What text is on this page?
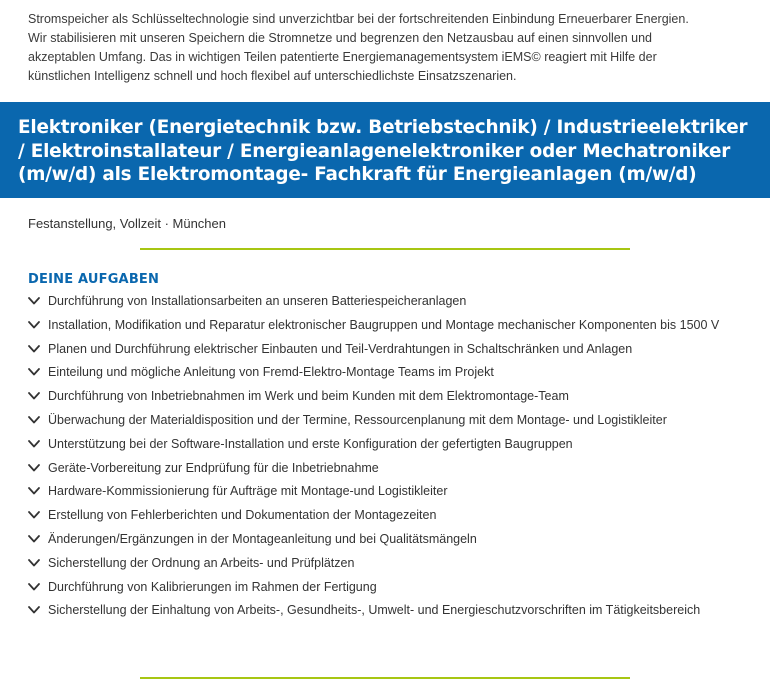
Stromspeicher als Schlüsseltechnologie sind unverzichtbar bei der fortschreitenden Einbindung Erneuerbarer Energien.

Wir stabilisieren mit unseren Speichern die Stromnetze und begrenzen den Netzausbau auf einen sinnvollen und

akzeptablen Umfang. Das in wichtigen Teilen patentierte Energiemanagementsystem iEMS© reagiert mit Hilfe der

künstlichen Intelligenz schnell und hoch flexibel auf unterschiedlichste Einsatzszenarien.

Elektroniker (Energietechnik bzw. Betriebstechnik) / Industrieelektriker / Elektroinstallateur / Energieanlagenelektroniker oder Mechatroniker (m/w/d) als Elektromontage- Fachkraft für Energieanlagen (m/w/d)
Festanstellung, Vollzeit · München
DEINE AUFGABEN
Durchführung von Installationsarbeiten an unseren Batteriespeicheranlagen
Installation, Modifikation und Reparatur elektronischer Baugruppen und Montage mechanischer Komponenten bis 1500 V
Planen und Durchführung elektrischer Einbauten und Teil-Verdrahtungen in Schaltschränken und Anlagen
Einteilung und mögliche Anleitung von Fremd-Elektro-Montage Teams im Projekt
Durchführung von Inbetriebnahmen im Werk und beim Kunden mit dem Elektromontage-Team
Überwachung der Materialdisposition und der Termine, Ressourcenplanung mit dem Montage- und Logistikleiter
Unterstützung bei der Software-Installation und erste Konfiguration der gefertigten Baugruppen
Geräte-Vorbereitung zur Endprüfung für die Inbetriebnahme
Hardware-Kommissionierung für Aufträge mit Montage-und Logistikleiter
Erstellung von Fehlerberichten und Dokumentation der Montagezeiten
Änderungen/Ergänzungen in der Montageanleitung und bei Qualitätsmängeln
Sicherstellung der Ordnung an Arbeits- und Prüfplätzen
Durchführung von Kalibrierungen im Rahmen der Fertigung
Sicherstellung der Einhaltung von Arbeits-, Gesundheits-, Umwelt- und Energieschutzvorschriften im Tätigkeitsbereich
